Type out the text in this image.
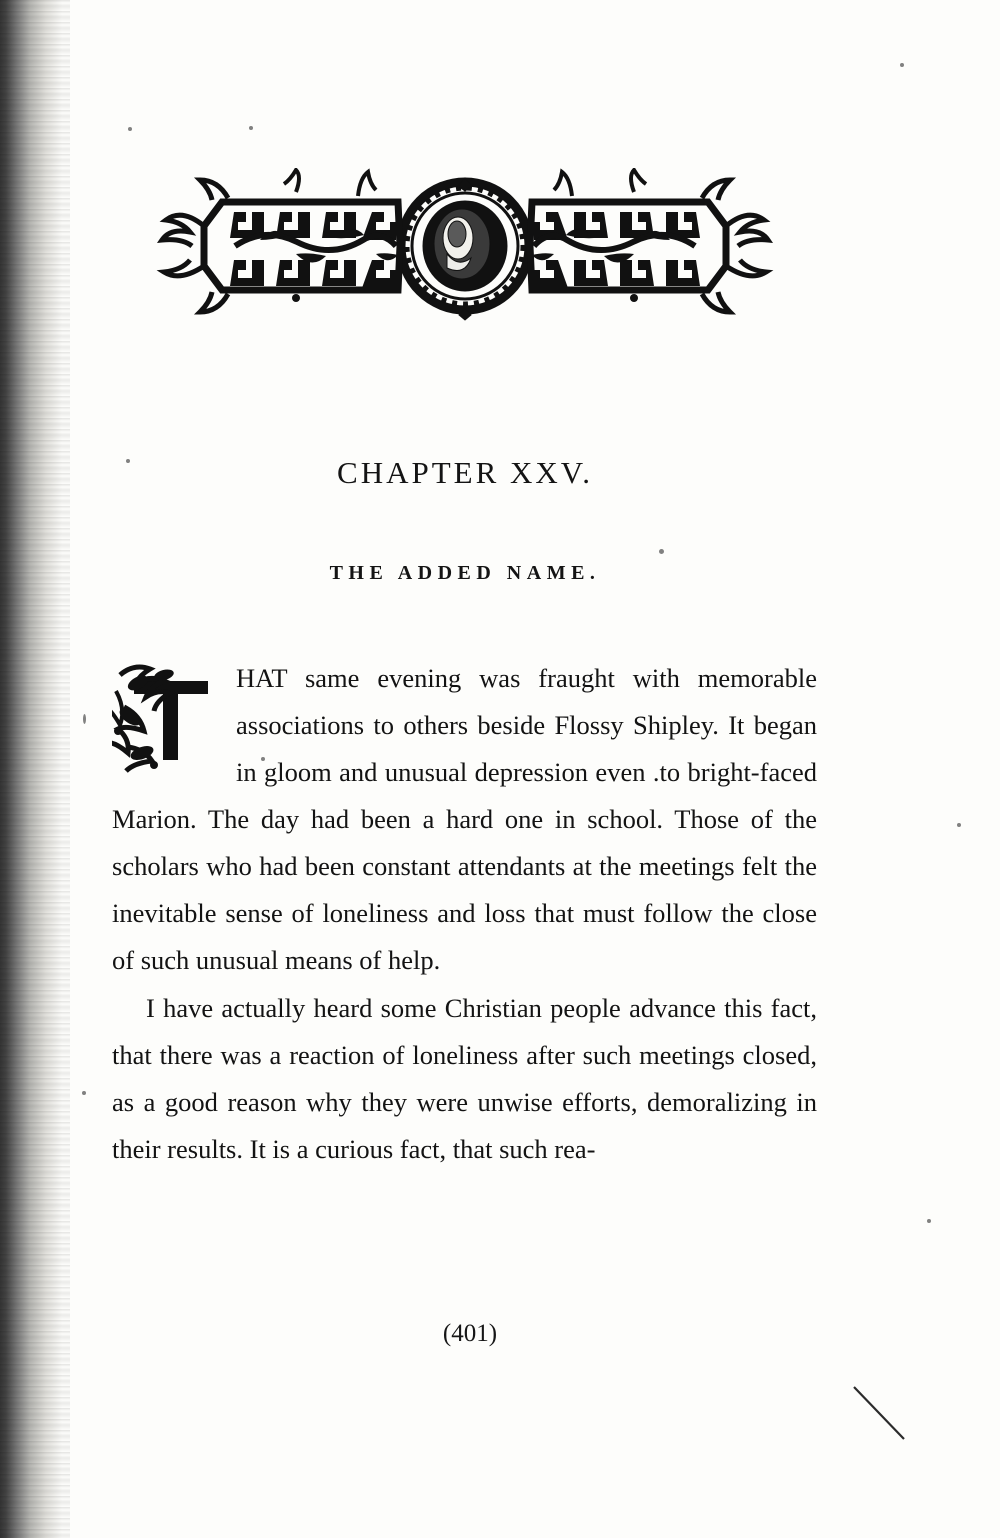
CHAPTER XXV.
THE ADDED NAME.

HAT same evening was fraught with memorable associations to others beside Flossy Shipley. It began in gloom and unusual depression even .to bright-faced Marion. The day had been a hard one in school. Those of the scholars who had been constant attendants at the meetings felt the inevitable sense of loneliness and loss that must follow the close of such unusual means of help.

I have actually heard some Christian people advance this fact, that there was a reaction of loneliness after such meetings closed, as a good reason why they were unwise efforts, demoralizing in their results. It is a curious fact, that such rea-

(401)
